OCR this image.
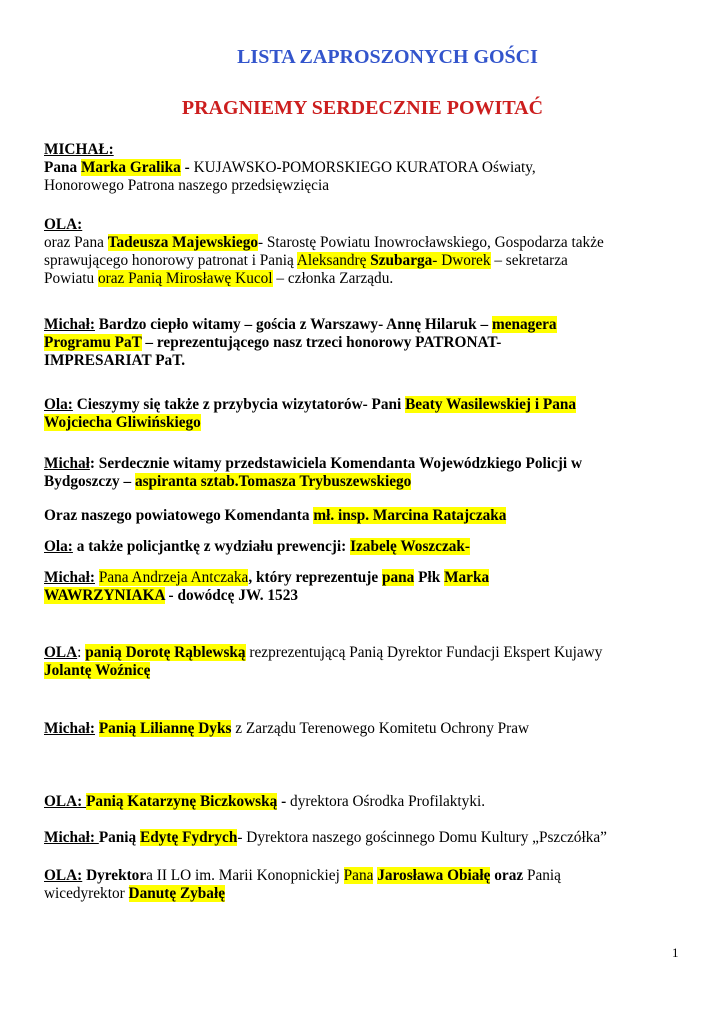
LISTA ZAPROSZONYCH GOŚCI
PRAGNIEMY SERDECZNIE POWITAĆ
MICHAŁ:
Pana Marka Gralika - KUJAWSKO-POMORSKIEGO KURATORA Oświaty,
Honorowego Patrona naszego przedsięwzięcia
OLA:
oraz Pana Tadeusza Majewskiego- Starostę Powiatu Inowrocławskiego, Gospodarza także
sprawującego honorowy patronat i Panią Aleksandrę Szubarga- Dworek – sekretarza
Powiatu oraz Panią Mirosławę Kucol – członka Zarządu.
Michał: Bardzo ciepło witamy – gościa z Warszawy- Annę Hilaruk – menagera
Programu PaT – reprezentującego nasz trzeci honorowy PATRONAT-
IMPRESARIAT PaT.
Ola: Cieszymy się także z przybycia wizytatorów- Pani Beaty Wasilewskiej i Pana
Wojciecha Gliwińskiego
Michał: Serdecznie witamy przedstawiciela Komendanta Wojewódzkiego Policji w
Bydgoszczy – aspiranta sztab.Tomasza Trybuszewskiego
Oraz naszego powiatowego Komendanta mł. insp. Marcina Ratajczaka
Ola: a także policjantkę z wydziału prewencji: Izabelę Woszczak-
Michał: Pana Andrzeja Antczaka, który reprezentuje pana Płk Marka
WAWRZYNIAKA - dowódcę JW. 1523
OLA: panią Dorotę Rąblewską rezprezentującą Panią Dyrektor Fundacji Ekspert Kujawy
Jolantę Woźnicę
Michał: Panią Liliannę Dyks z Zarządu Terenowego Komitetu Ochrony Praw
OLA: Panią Katarzynę Biczkowską - dyrektora Ośrodka Profilaktyki.
Michał: Panią Edytę Fydrych- Dyrektora naszego gościnnego Domu Kultury „Pszczółka”
OLA: Dyrektora II LO im. Marii Konopnickiej Pana Jarosława Obiałę oraz Panią
wicedyrektor Danutę Zybałę
1
